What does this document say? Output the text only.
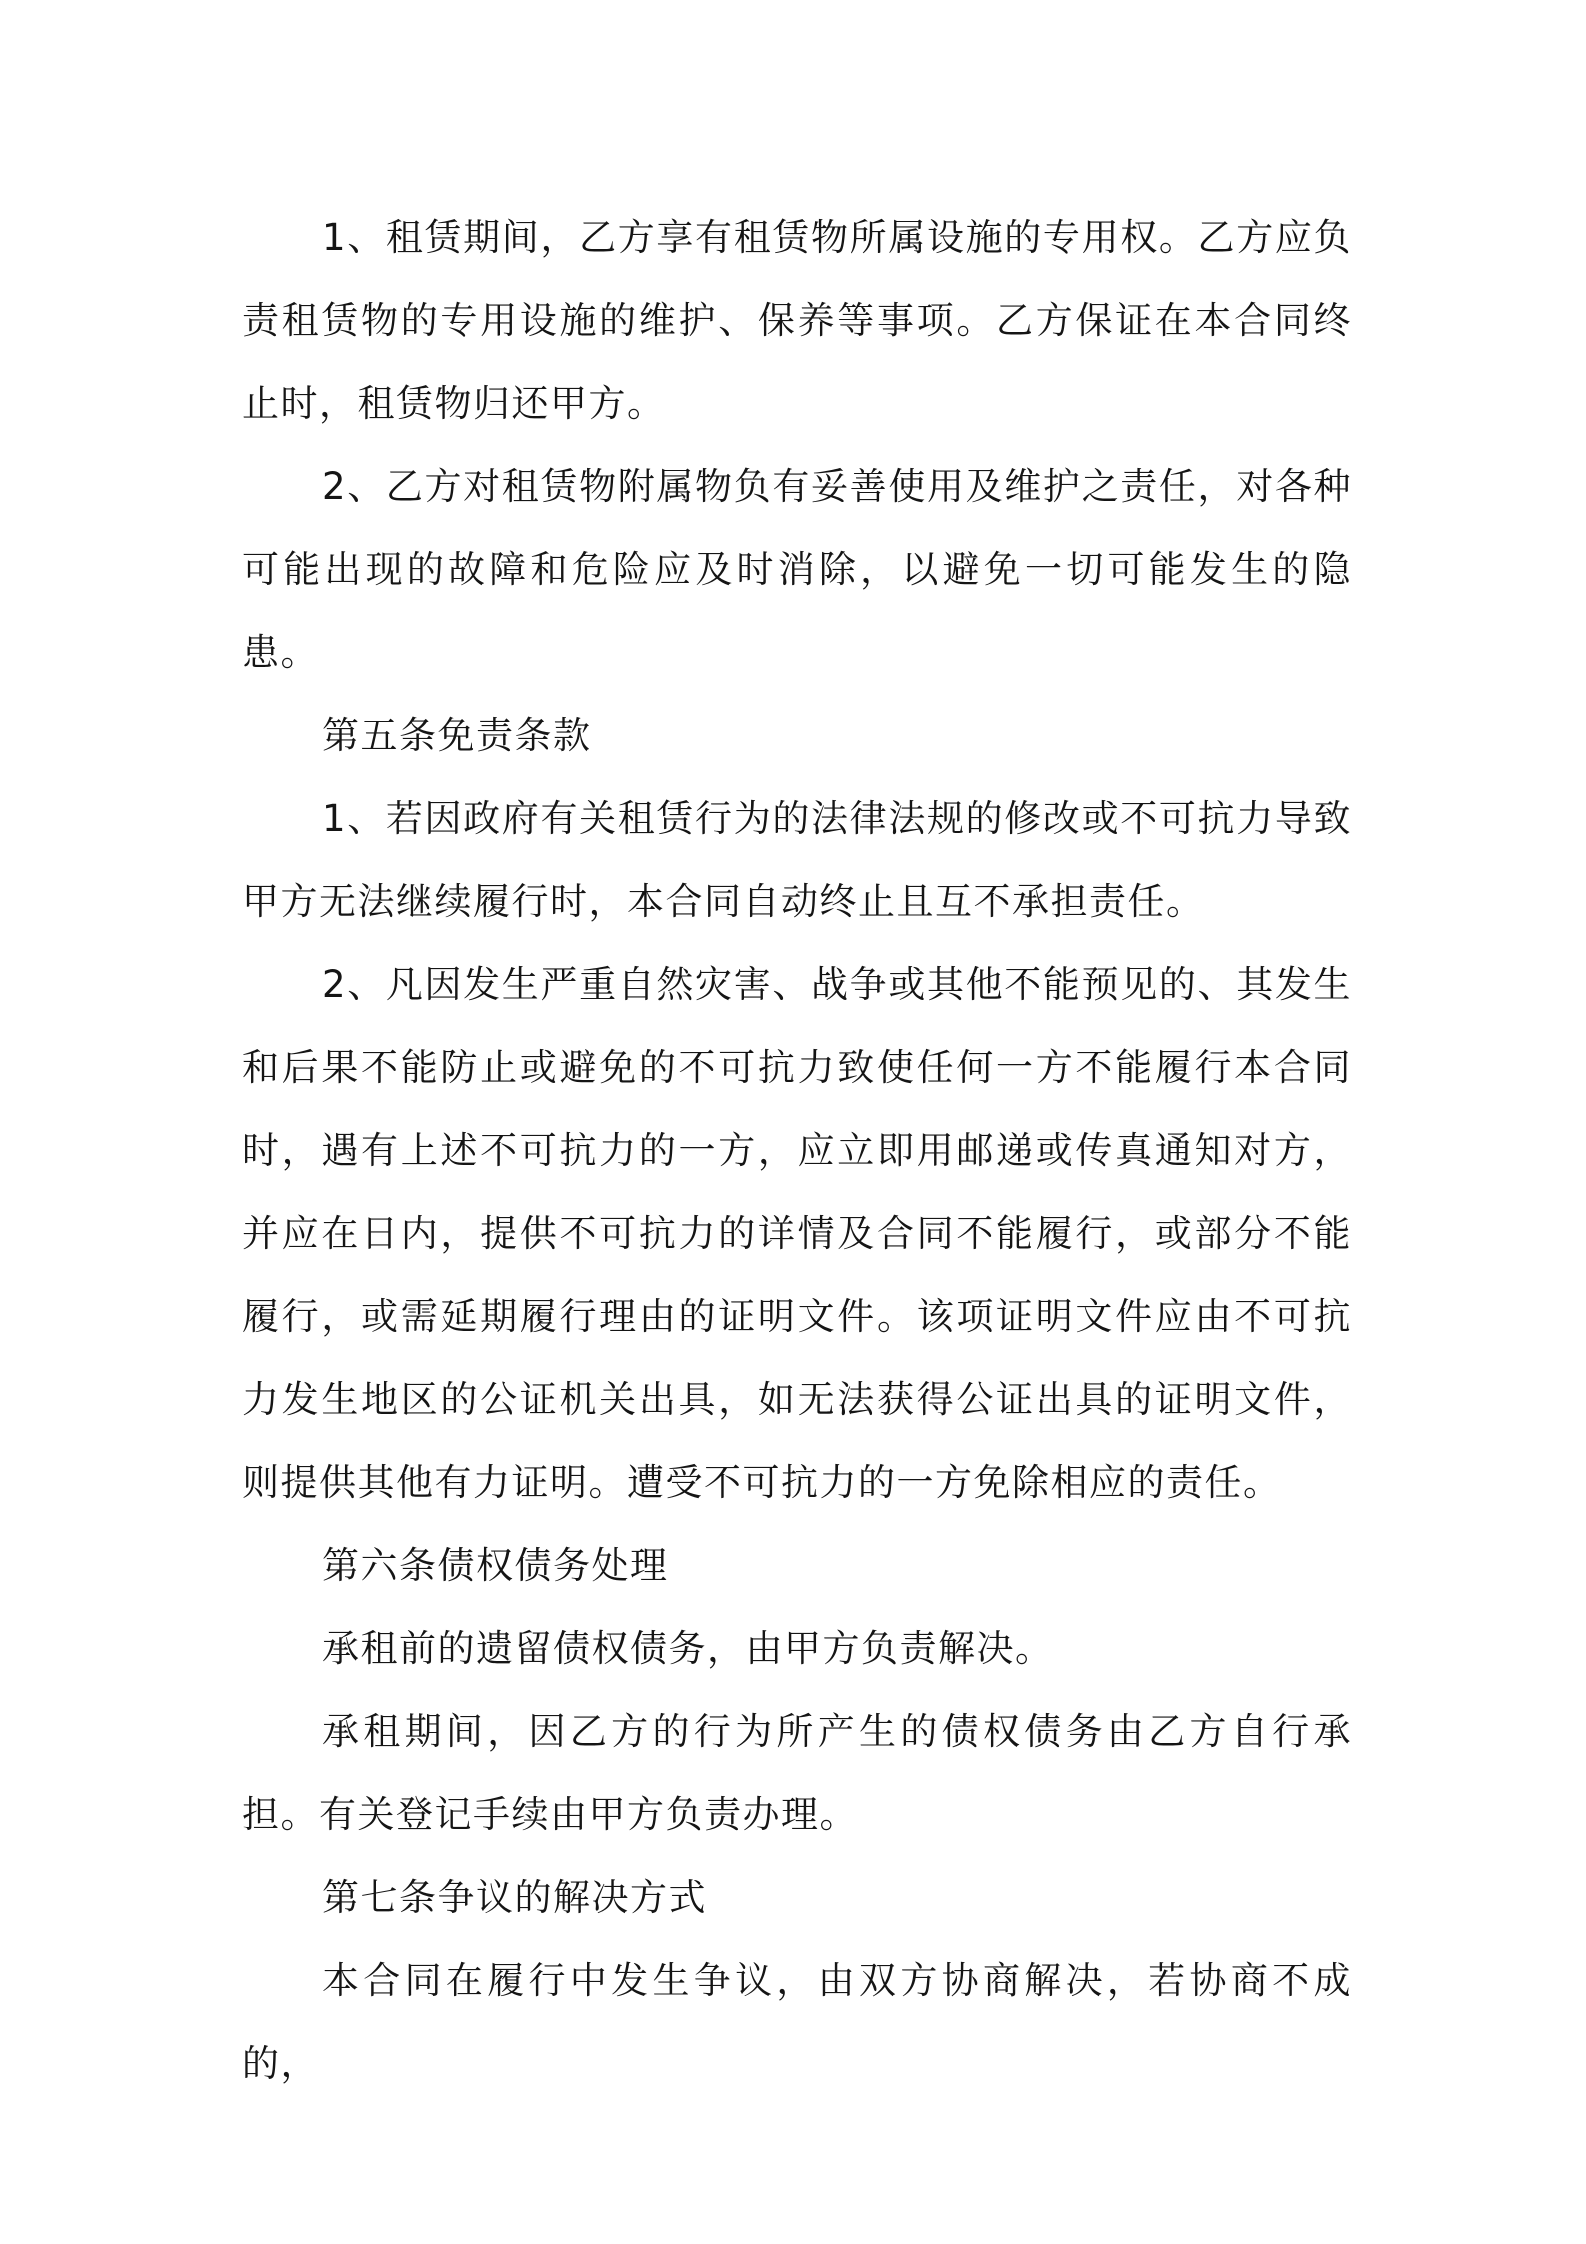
1、租赁期间，乙方享有租赁物所属设施的专用权。乙方应负责租赁物的专用设施的维护、保养等事项。乙方保证在本合同终止时，租赁物归还甲方。

2、乙方对租赁物附属物负有妥善使用及维护之责任，对各种可能出现的故障和危险应及时消除，以避免一切可能发生的隐患。

第五条免责条款

1、若因政府有关租赁行为的法律法规的修改或不可抗力导致甲方无法继续履行时，本合同自动终止且互不承担责任。

2、凡因发生严重自然灾害、战争或其他不能预见的、其发生和后果不能防止或避免的不可抗力致使任何一方不能履行本合同时，遇有上述不可抗力的一方，应立即用邮递或传真通知对方，并应在日内，提供不可抗力的详情及合同不能履行，或部分不能履行，或需延期履行理由的证明文件。该项证明文件应由不可抗力发生地区的公证机关出具，如无法获得公证出具的证明文件，则提供其他有力证明。遭受不可抗力的一方免除相应的责任。

第六条债权债务处理

承租前的遗留债权债务，由甲方负责解决。

承租期间，因乙方的行为所产生的债权债务由乙方自行承担。有关登记手续由甲方负责办理。

第七条争议的解决方式

本合同在履行中发生争议，由双方协商解决，若协商不成的，
